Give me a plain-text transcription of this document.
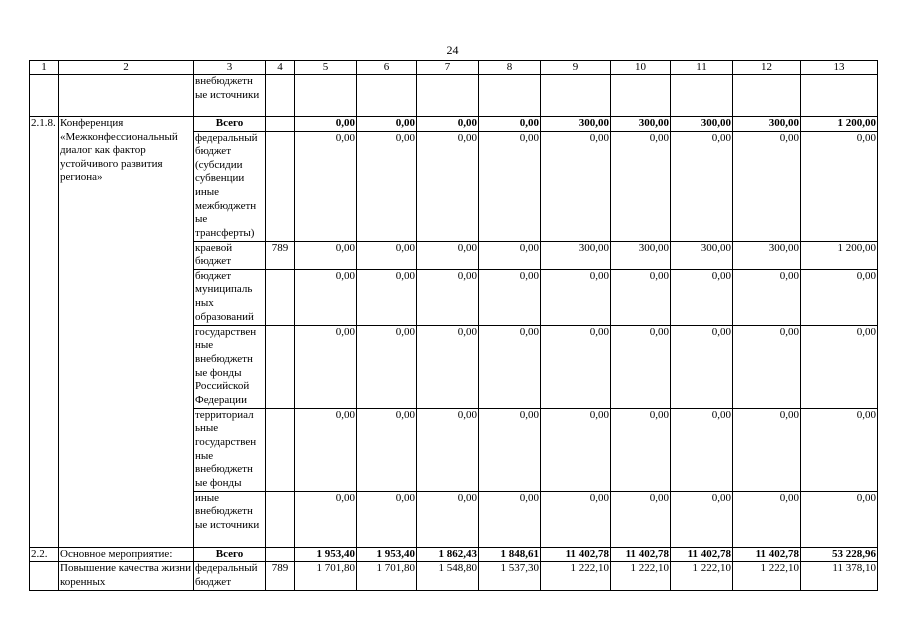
24
1	2	3	4	5	6	7	8	9	10	11	12	13
		внебюджетн ые источники										
2.1.8.	Конференция «Межконфессиональный диалог как фактор устойчивого развития региона»	Всего		0,00	0,00	0,00	0,00	300,00	300,00	300,00	300,00	1 200,00
		федеральный бюджет (субсидии субвенции иные межбюджетн ые трансферты)		0,00	0,00	0,00	0,00	0,00	0,00	0,00	0,00	0,00
		краевой бюджет	789	0,00	0,00	0,00	0,00	300,00	300,00	300,00	300,00	1 200,00
		бюджет муниципаль ных образований		0,00	0,00	0,00	0,00	0,00	0,00	0,00	0,00	0,00
		государствен ные внебюджетн ые фонды Российской Федерации		0,00	0,00	0,00	0,00	0,00	0,00	0,00	0,00	0,00
		территориал ьные государствен ные внебюджетн ые фонды		0,00	0,00	0,00	0,00	0,00	0,00	0,00	0,00	0,00
		иные внебюджетн ые источники		0,00	0,00	0,00	0,00	0,00	0,00	0,00	0,00	0,00
2.2.	Основное мероприятие:	Всего		1 953,40	1 953,40	1 862,43	1 848,61	11 402,78	11 402,78	11 402,78	11 402,78	53 228,96
	Повышение качества жизни коренных	федеральный бюджет	789	1 701,80	1 701,80	1 548,80	1 537,30	1 222,10	1 222,10	1 222,10	1 222,10	11 378,10
